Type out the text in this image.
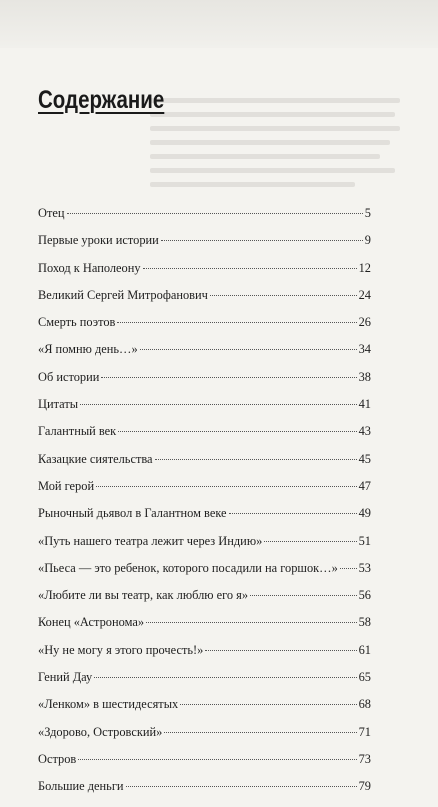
Содержание
Отец	5
Первые уроки истории	9
Поход к Наполеону	12
Великий Сергей Митрофанович	24
Смерть поэтов	26
«Я помню день…»	34
Об истории	38
Цитаты	41
Галантный век	43
Казацкие сиятельства	45
Мой герой	47
Рыночный дьявол в Галантном веке	49
«Путь нашего театра лежит через Индию»	51
«Пьеса — это ребенок, которого посадили на горшок…» 53
«Любите ли вы театр, как люблю его я»	56
Конец «Астронома»	58
«Ну не могу я этого прочесть!»	61
Гений Дау	65
«Ленком» в шестидесятых	68
«Здорово, Островский»	71
Остров	73
Большие деньги	79
